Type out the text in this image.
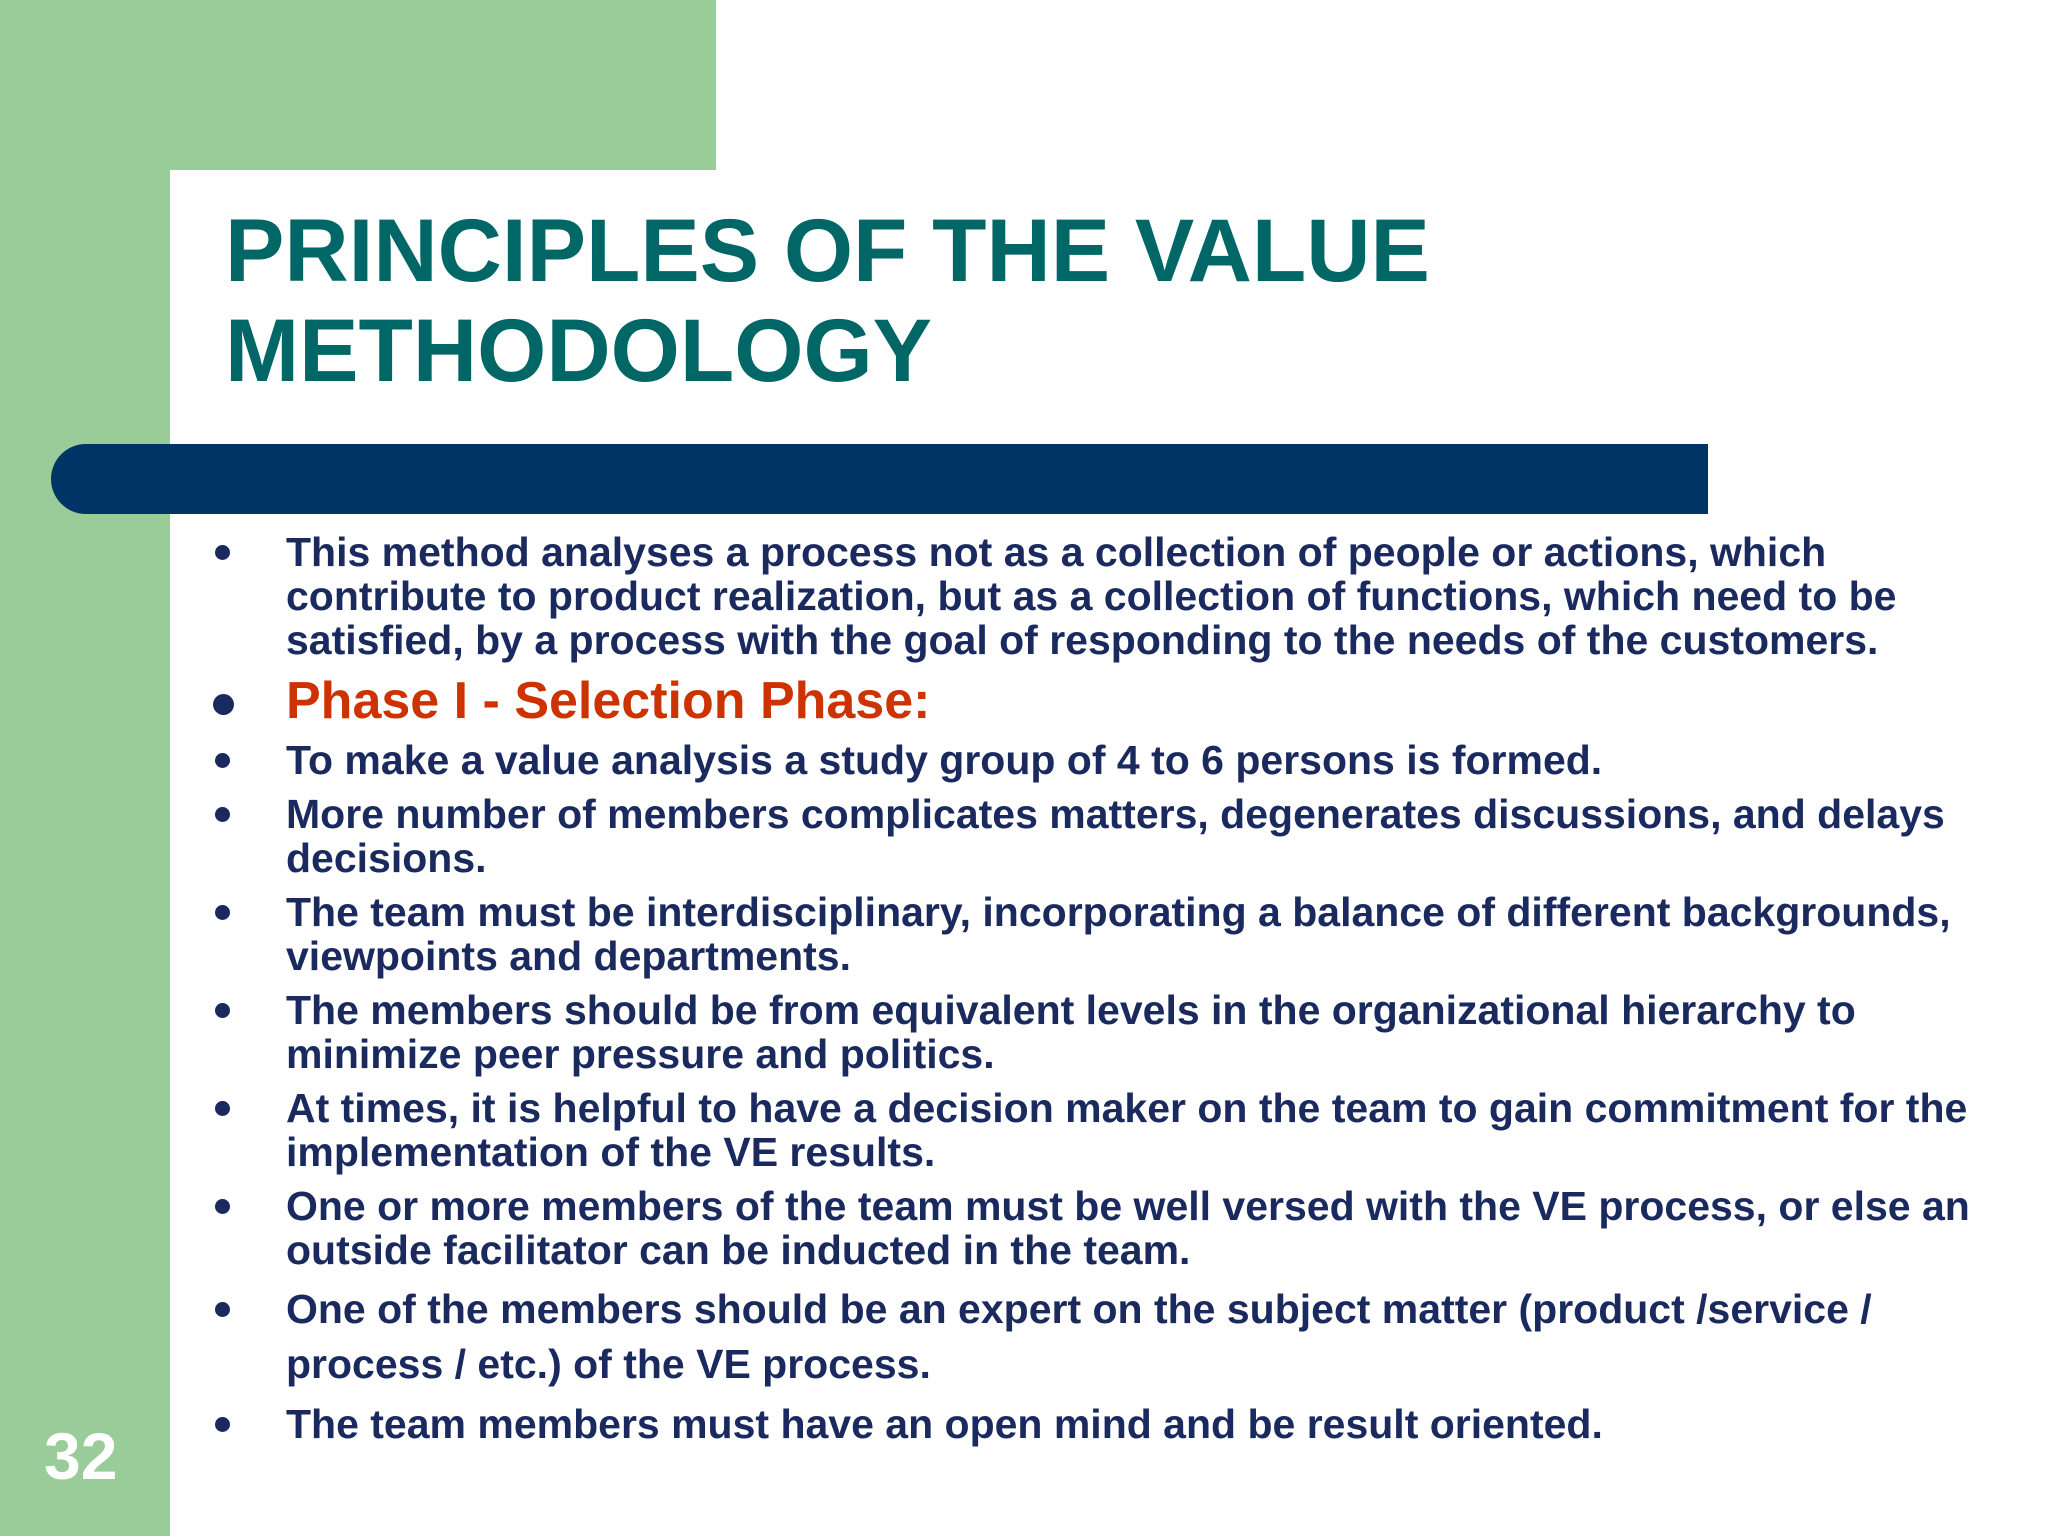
PRINCIPLES OF THE VALUE
METHODOLOGY
This method analyses a process not as a collection of people or actions, which contribute to product realization, but as a collection of functions, which need to be satisfied, by a process with the goal of responding to the needs of the customers.
Phase I - Selection Phase:
To make a value analysis a study group of 4 to 6 persons is formed.
More number of members complicates matters, degenerates discussions, and delays decisions.
The team must be interdisciplinary, incorporating a balance of different backgrounds, viewpoints and departments.
The members should be from equivalent levels in the organizational hierarchy to minimize peer pressure and politics.
At times, it is helpful to have a decision maker on the team to gain commitment for the implementation of the VE results.
One or more members of the team must be well versed with the VE process, or else an outside facilitator can be inducted in the team.
One of the members should be an expert on the subject matter (product /service / process / etc.) of the VE process.
The team members must have an open mind and be result oriented.
32
